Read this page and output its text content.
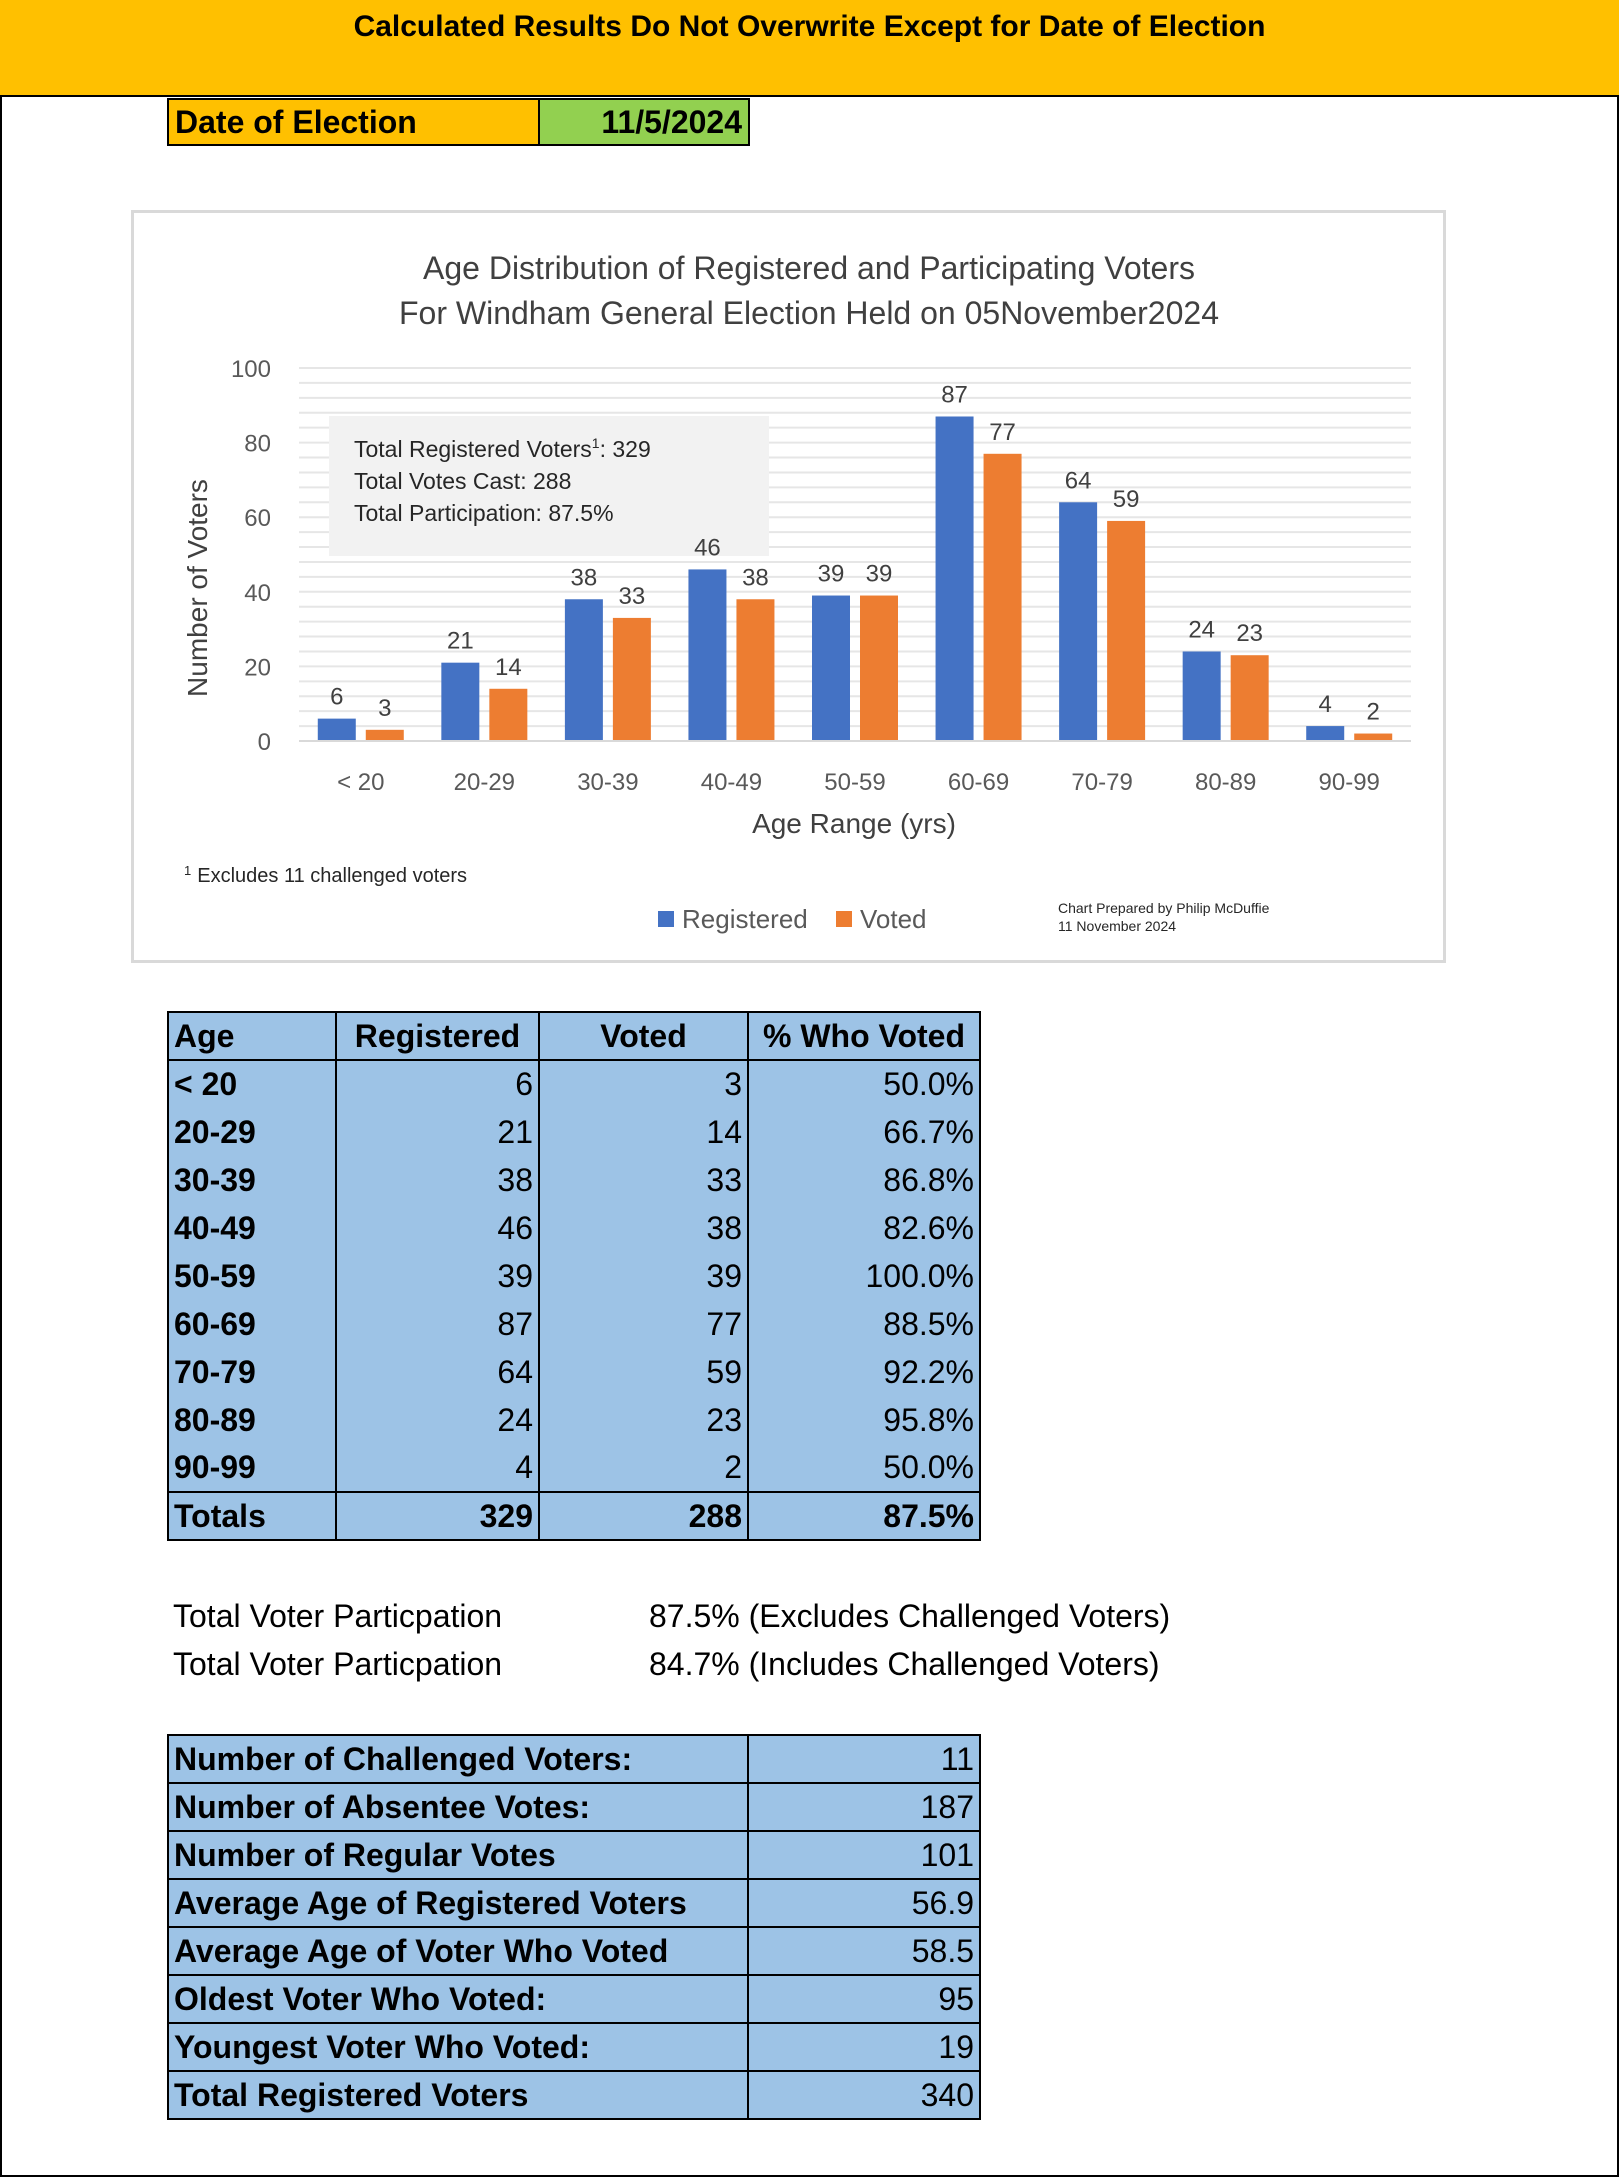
Calculated Results Do Not Overwrite Except for Date of Election
Date of Election	11/5/2024
Age Distribution of Registered and Participating Voters
For Windham General Election Held on 05November2024
Total Registered Voters$^1$: 329
Total Votes Cast: 288
Total Participation: 87.5%
6 3
21
14
38
33
46
38 39 39
87
77
64
59
24 23
4 2
< 20	20-29	30-39	40-49	50-59	60-69	70-79	80-89	90-99
0
20
40
60
80
100
Age Range (yrs)
Number of Voters
$^1$ Excludes 11 challenged voters
Registered Voted	Chart Prepared by Philip McDuffie
11 November 2024
Age	Registered	Voted	% Who Voted
< 20	6	3	50.0%
20-29	21	14	66.7%
30-39	38	33	86.8%
40-49	46	38	82.6%
50-59	39	39	100.0%
60-69	87	77	88.5%
70-79	64	59	92.2%
80-89	24	23	95.8%
90-99	4	2	50.0%
Totals	329	288	87.5%
Total Voter Particpation	87.5% (Excludes Challenged Voters)
Total Voter Particpation	84.7% (Includes Challenged Voters)
Number of Challenged Voters:	11
Number of Absentee Votes:	187
Number of Regular Votes	101
Average Age of Registered Voters	56.9
Average Age of Voter Who Voted	58.5
Oldest Voter Who Voted:	95
Youngest Voter Who Voted:	19
Total Registered Voters	340
